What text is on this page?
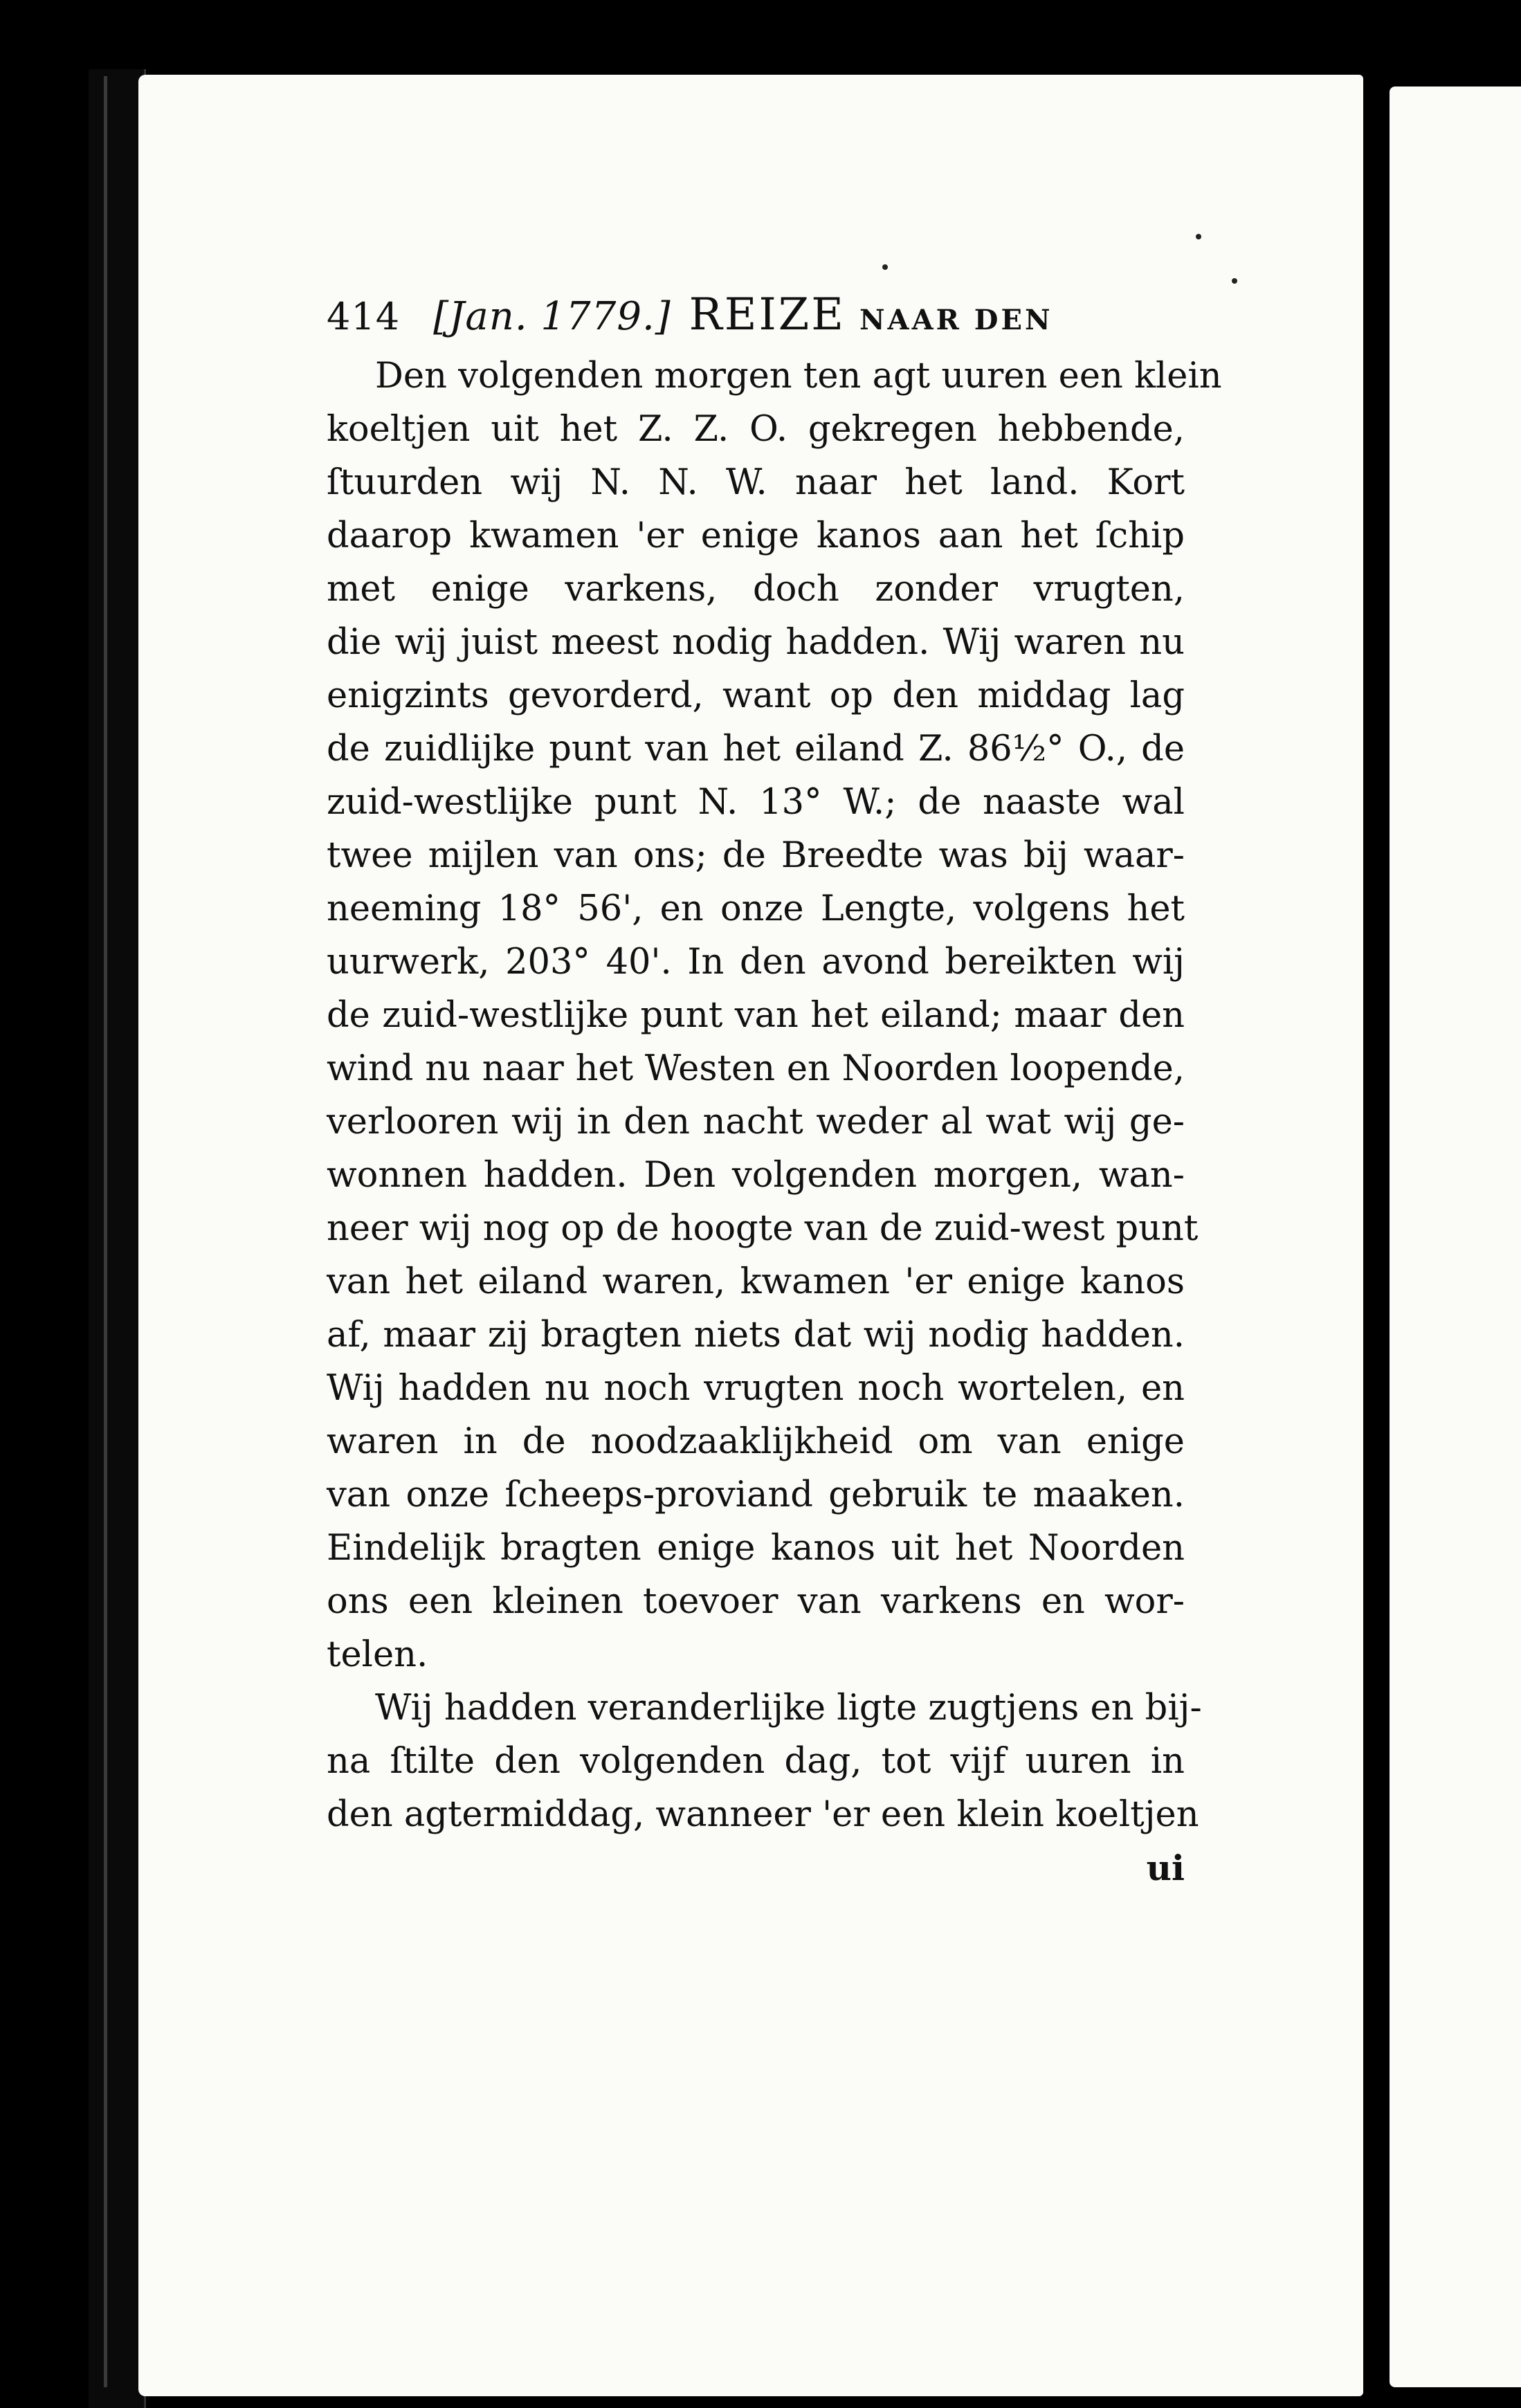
414 [Jan. 1779.] REIZE NAAR DEN
Den volgenden morgen ten agt uuren een klein
koeltjen uit het Z. Z. O. gekregen hebbende,
ſtuurden wij N. N. W. naar het land. Kort
daarop kwamen 'er enige kanos aan het ſchip
met enige varkens, doch zonder vrugten,
die wij juist meest nodig hadden. Wij waren nu
enigzints gevorderd, want op den middag lag
de zuidlijke punt van het eiland Z. 86½° O., de
zuid-westlijke punt N. 13° W.; de naaste wal
twee mijlen van ons; de Breedte was bij waar-
neeming 18° 56', en onze Lengte, volgens het
uurwerk, 203° 40'. In den avond bereikten wij
de zuid-westlijke punt van het eiland; maar den
wind nu naar het Westen en Noorden loopende,
verlooren wij in den nacht weder al wat wij ge-
wonnen hadden. Den volgenden morgen, wan-
neer wij nog op de hoogte van de zuid-west punt
van het eiland waren, kwamen 'er enige kanos
af, maar zij bragten niets dat wij nodig hadden.
Wij hadden nu noch vrugten noch wortelen, en
waren in de noodzaaklijkheid om van enige
van onze ſcheeps-proviand gebruik te maaken.
Eindelijk bragten enige kanos uit het Noorden
ons een kleinen toevoer van varkens en wor-
telen.
Wij hadden veranderlijke ligte zugtjens en bij-
na ſtilte den volgenden dag, tot vijf uuren in
den agtermiddag, wanneer 'er een klein koeltjen
ui
